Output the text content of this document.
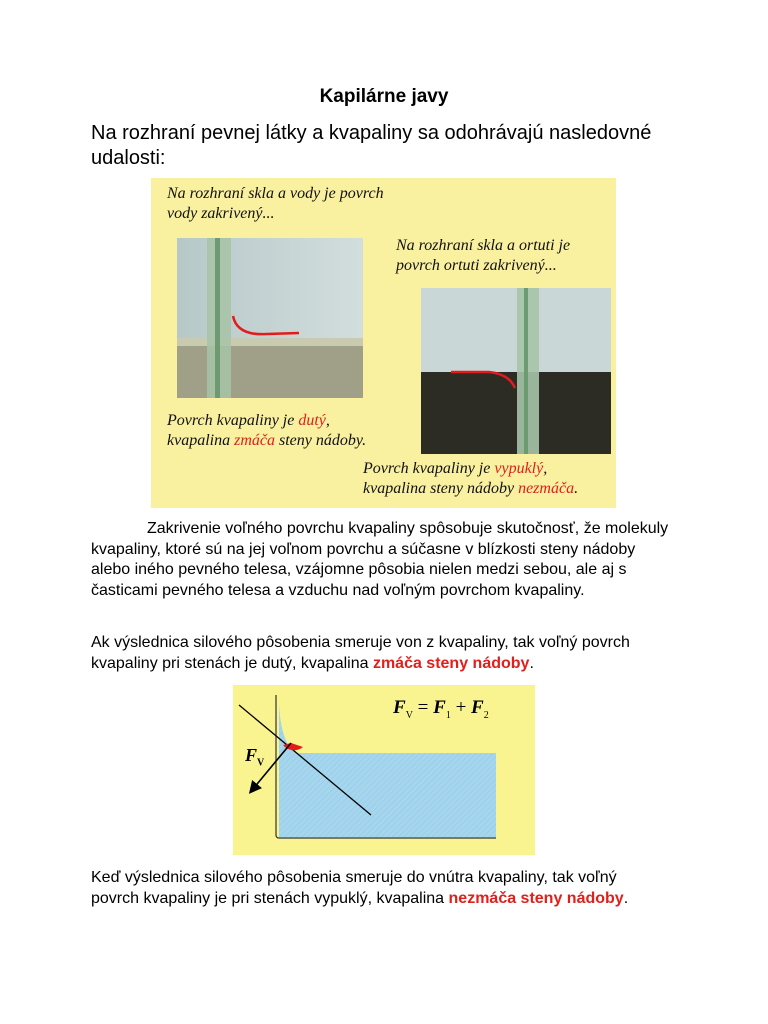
Kapilárne javy
Na rozhraní pevnej látky a kvapaliny sa odohrávajú nasledovné udalosti:
Na rozhraní skla a vody je povrch vody zakrivený...
Na rozhraní skla a ortuti je povrch ortuti zakrivený...
Povrch kvapaliny je dutý,
kvapalina zmáča steny nádoby.
Povrch kvapaliny je vypuklý,
kvapalina steny nádoby nezmáča.
Zakrivenie voľného povrchu kvapaliny spôsobuje skutočnosť, že molekuly kvapaliny, ktoré sú na jej voľnom povrchu a súčasne v blízkosti steny nádoby alebo iného pevného telesa, vzájomne pôsobia nielen medzi sebou, ale aj s časticami pevného telesa a vzduchu nad voľným povrchom kvapaliny.
Ak výslednica silového pôsobenia smeruje von z kvapaliny, tak voľný povrch kvapaliny pri stenách je dutý, kvapalina zmáča steny nádoby.
$F_V$
$F_V = F_1 + F_2$
Keď výslednica silového pôsobenia smeruje do vnútra kvapaliny, tak voľný povrch kvapaliny je pri stenách vypuklý, kvapalina nezmáča steny nádoby.
